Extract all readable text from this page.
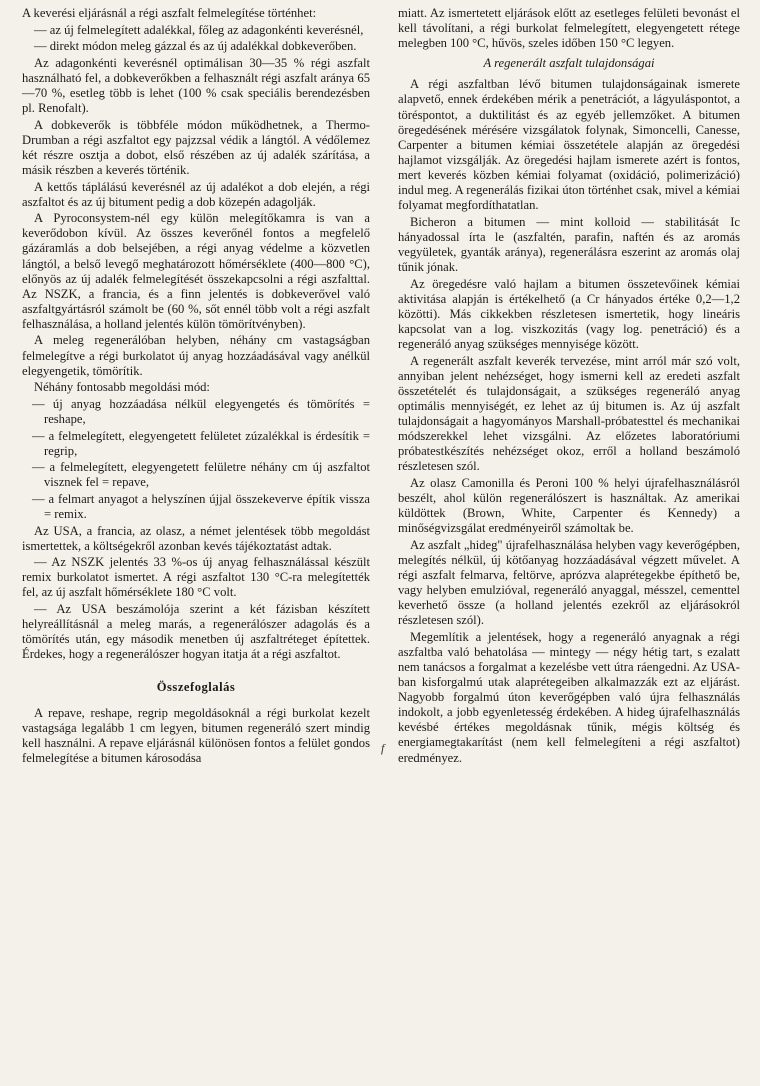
A keverési eljárásnál a régi aszfalt felmelegítése történhet:

— az új felmelegített adalékkal, főleg az adagonkénti keverésnél,

— direkt módon meleg gázzal és az új adalékkal dobkeverőben.

Az adagonkénti keverésnél optimálisan 30—35 % régi aszfalt használható fel, a dobkeverőkben a felhasznált régi aszfalt aránya 65—70 %, esetleg több is lehet (100 % csak speciális berendezésben pl. Renofalt).

A dobkeverők is többféle módon működhetnek, a Thermo-Drumban a régi aszfaltot egy pajzzsal védik a lángtól. A védőlemez két részre osztja a dobot, első részében az új adalék szárítása, a másik részben a keverés történik.

A kettős táplálású keverésnél az új adalékot a dob elején, a régi aszfaltot és az új bitument pedig a dob közepén adagolják.

A Pyroconsystem-nél egy külön melegítőkamra is van a keverődobon kívül. Az összes keverőnél fontos a megfelelő gázáramlás a dob belsejében, a régi anyag védelme a közvetlen lángtól, a belső levegő meghatározott hőmérséklete (400—800 °C), előnyös az új adalék felmelegítését összekapcsolni a régi aszfalttal. Az NSZK, a francia, és a finn jelentés is dobkeverővel való aszfaltgyártásról számolt be (60 %, sőt ennél több volt a régi aszfalt felhasználása, a holland jelentés külön tömörítvényben).

A meleg regenerálóban helyben, néhány cm vastagságban felmelegítve a régi burkolatot új anyag hozzáadásával vagy anélkül elegyengetik, tömörítik.

Néhány fontosabb megoldási mód:

— új anyag hozzáadása nélkül elegyengetés és tömörítés = reshape,

— a felmelegített, elegyengetett felületet zúzalékkal is érdesítik = regrip,

— a felmelegített, elegyengetett felületre néhány cm új aszfaltot visznek fel = repave,

— a felmart anyagot a helyszínen újjal összekeverve építik vissza = remix.

Az USA, a francia, az olasz, a német jelentések több megoldást ismertettek, a költségekről azonban kevés tájékoztatást adtak.

— Az NSZK jelentés 33 %-os új anyag felhasználással készült remix burkolatot ismertet. A régi aszfaltot 130 °C-ra melegítették fel, az új aszfalt hőmérséklete 180 °C volt.

— Az USA beszámolója szerint a két fázisban készített helyreállításnál a meleg marás, a regenerálószer adagolás és a tömörítés után, egy második menetben új aszfaltréteget építettek. Érdekes, hogy a regenerálószer hogyan itatja át a régi aszfaltot.

Összefoglalás

A repave, reshape, regrip megoldásoknál a régi burkolat kezelt vastagsága legalább 1 cm legyen, bitumen regeneráló szert mindig kell használni. A repave eljárásnál különösen fontos a felület gondos felmelegítése a bitumen károsodása

f

miatt. Az ismertetett eljárások előtt az esetleges felületi bevonást el kell távolítani, a régi burkolat felmelegített, elegyengetett rétege melegben 100 °C, hűvös, szeles időben 150 °C legyen.

A regenerált aszfalt tulajdonságai

A régi aszfaltban lévő bitumen tulajdonságainak ismerete alapvető, ennek érdekében mérik a penetrációt, a lágyuláspontot, a töréspontot, a duktilitást és az egyéb jellemzőket. A bitumen öregedésének mérésére vizsgálatok folynak, Simoncelli, Canesse, Carpenter a bitumen kémiai összetétele alapján az öregedési hajlamot vizsgálják. Az öregedési hajlam ismerete azért is fontos, mert keverés közben kémiai folyamat (oxidáció, polimerizáció) indul meg. A regenerálás fizikai úton történhet csak, mivel a kémiai folyamat megfordíthatatlan.

Bicheron a bitumen — mint kolloid — stabilitását Ic hányadossal írta le (aszfaltén, parafin, naftén és az aromás vegyületek, gyanták aránya), regenerálásra eszerint az aromás olaj tűnik jónak.

Az öregedésre való hajlam a bitumen összetevőinek kémiai aktivitása alapján is értékelhető (a Cr hányados értéke 0,2—1,2 közötti). Más cikkekben részletesen ismertetik, hogy lineáris kapcsolat van a log. viszkozitás (vagy log. penetráció) és a regeneráló anyag szükséges mennyisége között.

A regenerált aszfalt keverék tervezése, mint arról már szó volt, annyiban jelent nehézséget, hogy ismerni kell az eredeti aszfalt összetételét és tulajdonságait, a szükséges regeneráló anyag optimális mennyiségét, ez lehet az új bitumen is. Az új aszfalt tulajdonságait a hagyományos Marshall-próbatesttel és mechanikai módszerekkel lehet vizsgálni. Az előzetes laboratóriumi próbatestkészítés nehézséget okoz, erről a holland beszámoló részletesen szól.

Az olasz Camonilla és Peroni 100 % helyi újrafelhasználásról beszélt, ahol külön regenerálószert is használtak. Az amerikai küldöttek (Brown, White, Carpenter és Kennedy) a minőségvizsgálat eredményeiről számoltak be.

Az aszfalt „hideg" újrafelhasználása helyben vagy keverőgépben, melegítés nélkül, új kötőanyag hozzáadásával végzett művelet. A régi aszfalt felmarva, feltörve, aprózva alaprétegekbe építhető be, vagy helyben emulzióval, regeneráló anyaggal, mésszel, cementtel keverhető össze (a holland jelentés ezekről az eljárásokról részletesen szól).

Megemlítik a jelentések, hogy a regeneráló anyagnak a régi aszfaltba való behatolása — mintegy — négy hétig tart, s ezalatt nem tanácsos a forgalmat a kezelésbe vett útra ráengedni. Az USA-ban kisforgalmú utak alaprétegeiben alkalmazzák ezt az eljárást. Nagyobb forgalmú úton keverőgépben való újra felhasználás indokolt, a jobb egyenletesség érdekében. A hideg újrafelhasználás kevésbé értékes megoldásnak tűnik, mégis költség és energiamegtakarítást (nem kell felmelegíteni a régi aszfaltot) eredményez.
